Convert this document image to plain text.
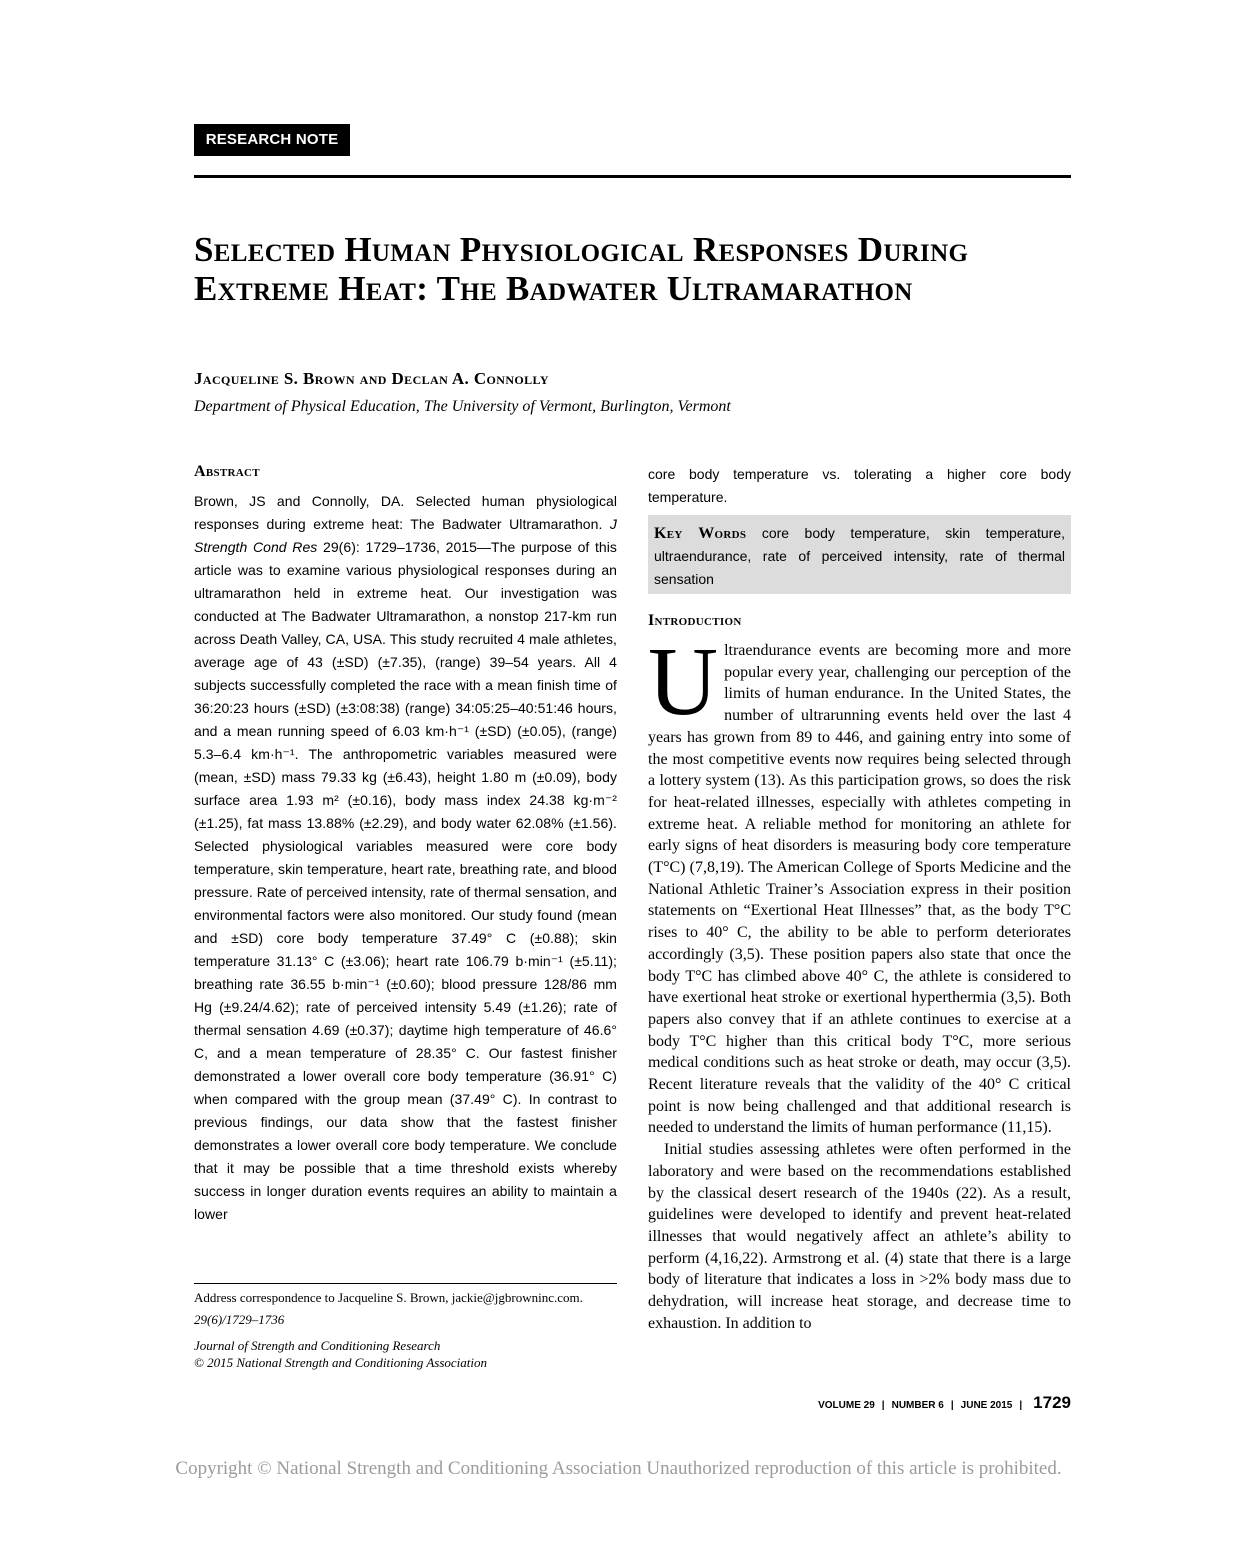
RESEARCH NOTE
Selected Human Physiological Responses During Extreme Heat: The Badwater Ultramarathon
Jacqueline S. Brown and Declan A. Connolly
Department of Physical Education, The University of Vermont, Burlington, Vermont
Abstract

Brown, JS and Connolly, DA. Selected human physiological responses during extreme heat: The Badwater Ultramarathon. J Strength Cond Res 29(6): 1729–1736, 2015—The purpose of this article was to examine various physiological responses during an ultramarathon held in extreme heat. Our investigation was conducted at The Badwater Ultramarathon, a nonstop 217-km run across Death Valley, CA, USA. This study recruited 4 male athletes, average age of 43 (±SD) (±7.35), (range) 39–54 years. All 4 subjects successfully completed the race with a mean finish time of 36:20:23 hours (±SD) (±3:08:38) (range) 34:05:25–40:51:46 hours, and a mean running speed of 6.03 km·h⁻¹ (±SD) (±0.05), (range) 5.3–6.4 km·h⁻¹. The anthropometric variables measured were (mean, ±SD) mass 79.33 kg (±6.43), height 1.80 m (±0.09), body surface area 1.93 m² (±0.16), body mass index 24.38 kg·m⁻² (±1.25), fat mass 13.88% (±2.29), and body water 62.08% (±1.56). Selected physiological variables measured were core body temperature, skin temperature, heart rate, breathing rate, and blood pressure. Rate of perceived intensity, rate of thermal sensation, and environmental factors were also monitored. Our study found (mean and ±SD) core body temperature 37.49° C (±0.88); skin temperature 31.13° C (±3.06); heart rate 106.79 b·min⁻¹ (±5.11); breathing rate 36.55 b·min⁻¹ (±0.60); blood pressure 128/86 mm Hg (±9.24/4.62); rate of perceived intensity 5.49 (±1.26); rate of thermal sensation 4.69 (±0.37); daytime high temperature of 46.6° C, and a mean temperature of 28.35° C. Our fastest finisher demonstrated a lower overall core body temperature (36.91° C) when compared with the group mean (37.49° C). In contrast to previous findings, our data show that the fastest finisher demonstrates a lower overall core body temperature. We conclude that it may be possible that a time threshold exists whereby success in longer duration events requires an ability to maintain a lower

core body temperature vs. tolerating a higher core body temperature.

Key Words core body temperature, skin temperature, ultraendurance, rate of perceived intensity, rate of thermal sensation
Introduction

Ultraendurance events are becoming more and more popular every year, challenging our perception of the limits of human endurance. In the United States, the number of ultrarunning events held over the last 4 years has grown from 89 to 446, and gaining entry into some of the most competitive events now requires being selected through a lottery system (13). As this participation grows, so does the risk for heat-related illnesses, especially with athletes competing in extreme heat. A reliable method for monitoring an athlete for early signs of heat disorders is measuring body core temperature (T°C) (7,8,19). The American College of Sports Medicine and the National Athletic Trainer’s Association express in their position statements on “Exertional Heat Illnesses” that, as the body T°C rises to 40° C, the ability to be able to perform deteriorates accordingly (3,5). These position papers also state that once the body T°C has climbed above 40° C, the athlete is considered to have exertional heat stroke or exertional hyperthermia (3,5). Both papers also convey that if an athlete continues to exercise at a body T°C higher than this critical body T°C, more serious medical conditions such as heat stroke or death, may occur (3,5). Recent literature reveals that the validity of the 40° C critical point is now being challenged and that additional research is needed to understand the limits of human performance (11,15).

Initial studies assessing athletes were often performed in the laboratory and were based on the recommendations established by the classical desert research of the 1940s (22). As a result, guidelines were developed to identify and prevent heat-related illnesses that would negatively affect an athlete’s ability to perform (4,16,22). Armstrong et al. (4) state that there is a large body of literature that indicates a loss in >2% body mass due to dehydration, will increase heat storage, and decrease time to exhaustion. In addition to

Address correspondence to Jacqueline S. Brown, jackie@jgbrowninc.com.
29(6)/1729–1736
Journal of Strength and Conditioning Research
© 2015 National Strength and Conditioning Association
VOLUME 29 | NUMBER 6 | JUNE 2015 | 1729
Copyright © National Strength and Conditioning Association Unauthorized reproduction of this article is prohibited.
